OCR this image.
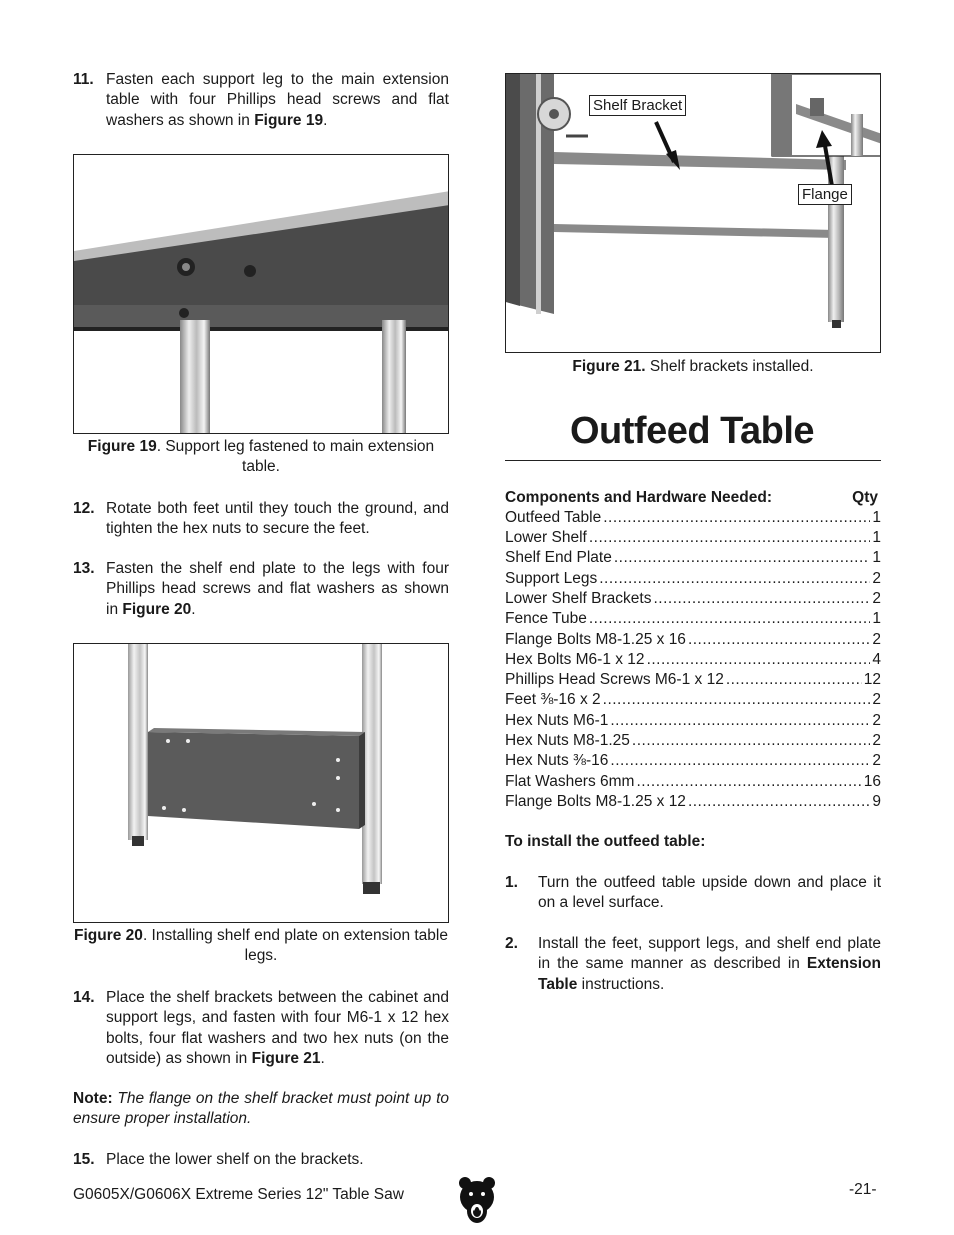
11. Fasten each support leg to the main extension table with four Phillips head screws and flat washers as shown in Figure 19.
Figure 19. Support leg fastened to main extension table.
12. Rotate both feet until they touch the ground, and tighten the hex nuts to secure the feet.
13. Fasten the shelf end plate to the legs with four Phillips head screws and flat washers as shown in Figure 20.
Figure 20. Installing shelf end plate on extension table legs.
14. Place the shelf brackets between the cabinet and support legs, and fasten with four M6-1 x 12 hex bolts, four flat washers and two hex nuts (on the outside) as shown in Figure 21.
Note: The flange on the shelf bracket must point up to ensure proper installation.
15. Place the lower shelf on the brackets.
Shelf Bracket
Flange
Figure 21. Shelf brackets installed.
Outfeed Table
Components and Hardware Needed:	Qty
Outfeed Table .....	1
Lower Shelf .....	1
Shelf End Plate .....	1
Support Legs .....	2
Lower Shelf Brackets .....	2
Fence Tube .....	1
Flange Bolts M8-1.25 x 16 .....	2
Hex Bolts M6-1 x 12 .....	4
Phillips Head Screws M6-1 x 12 .....	12
Feet ⅜-16 x 2 .....	2
Hex Nuts M6-1 .....	2
Hex Nuts M8-1.25 .....	2
Hex Nuts ⅜-16 .....	2
Flat Washers 6mm .....	16
Flange Bolts M8-1.25 x 12 .....	9
To install the outfeed table:
1. Turn the outfeed table upside down and place it on a level surface.
2. Install the feet, support legs, and shelf end plate in the same manner as described in Extension Table instructions.
G0605X/G0606X Extreme Series 12" Table Saw	-21-
